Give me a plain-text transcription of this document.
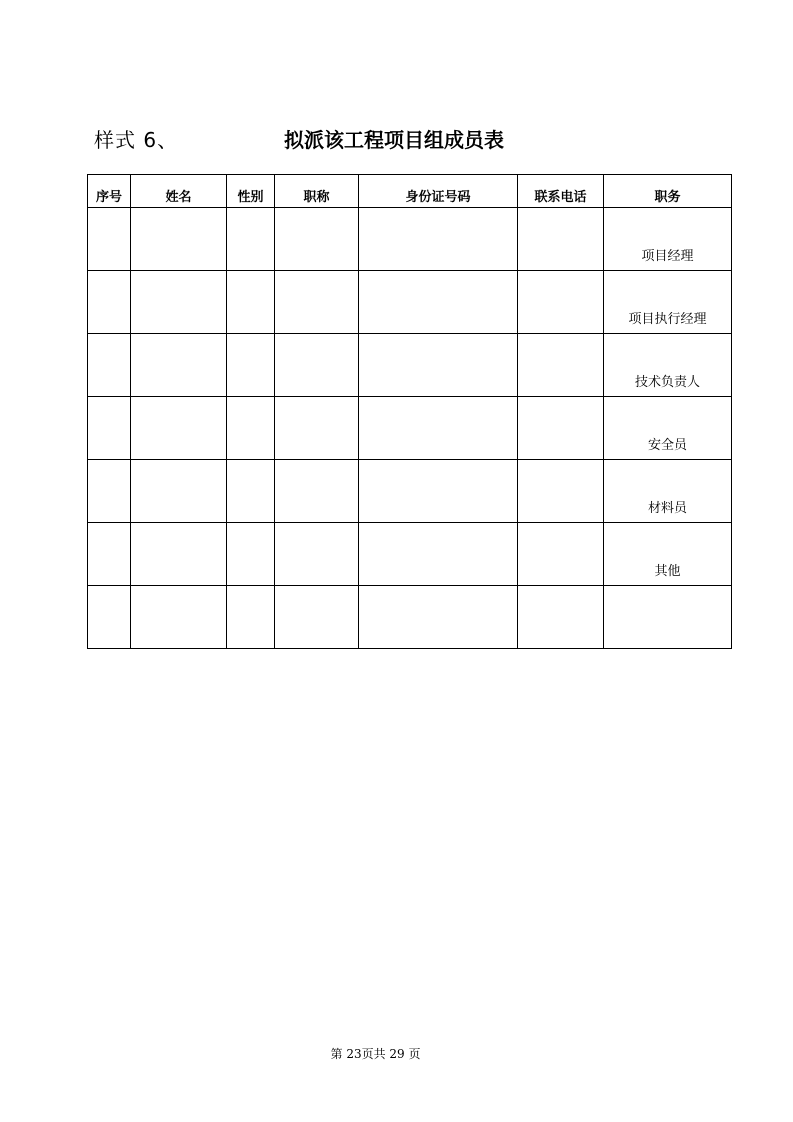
样式 6、	拟派该工程项目组成员表
序号	姓名	性别	职称	身份证号码	联系电话	职务
						项目经理
						项目执行经理
						技术负责人
						安全员
						材料员
						其他

第 23页共 29 页
